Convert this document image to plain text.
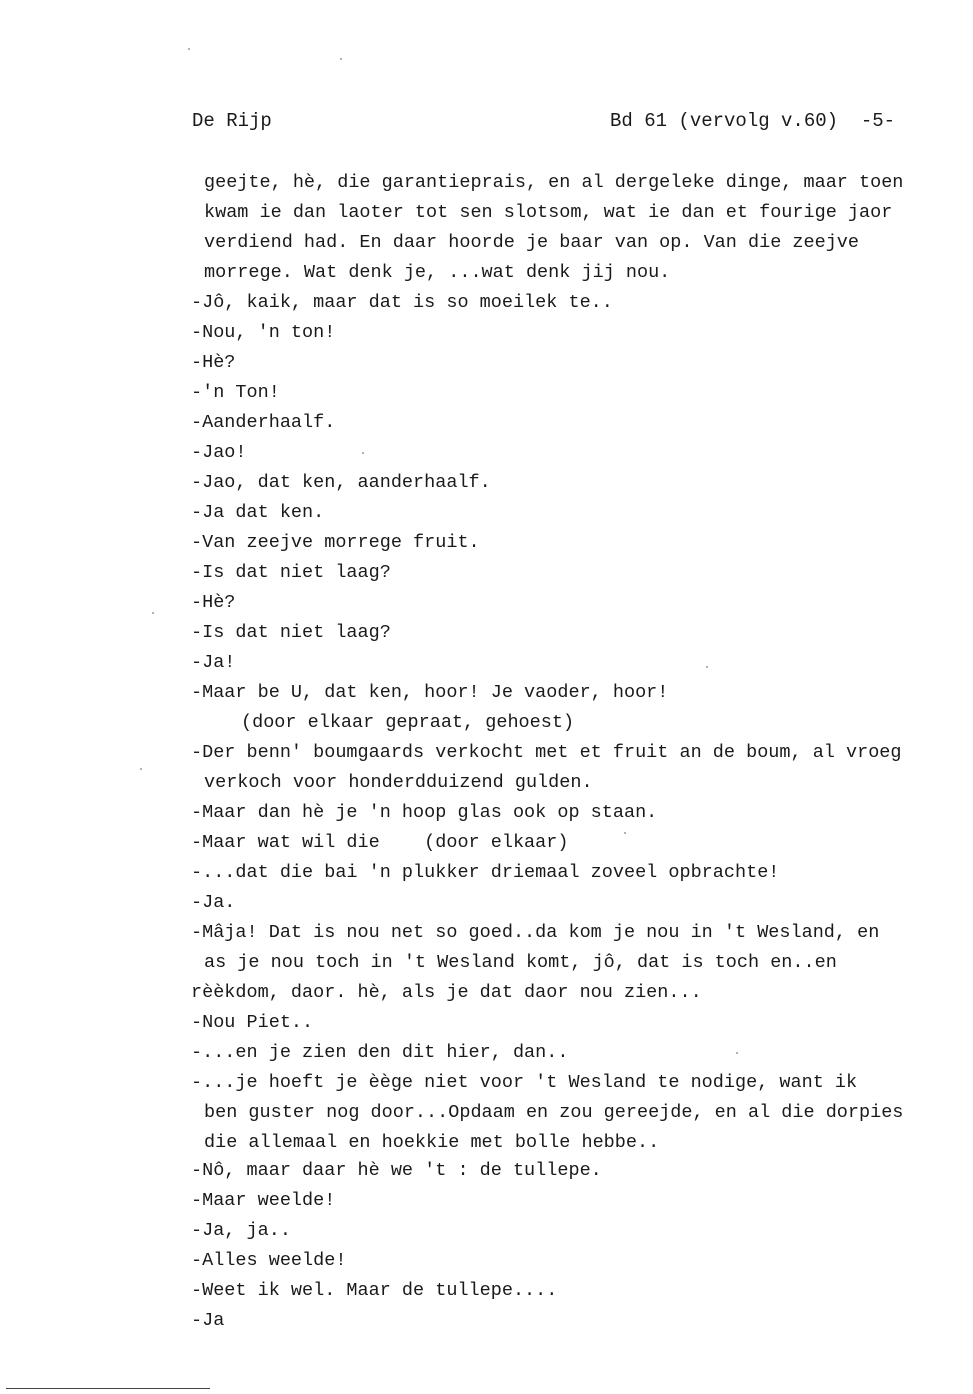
De Rijp	Bd 61 (vervolg v.60)  -5-
geejte, hè, die garantieprais, en al dergeleke dinge, maar toen
kwam ie dan laoter tot sen slotsom, wat ie dan et fourige jaor
verdiend had. En daar hoorde je baar van op. Van die zeejve
morrege. Wat denk je, ...wat denk jij nou.
-Jô, kaik, maar dat is so moeilek te..
-Nou, 'n ton!
-Hè?
-'n Ton!
-Aanderhaalf.
-Jao!
-Jao, dat ken, aanderhaalf.
-Ja dat ken.
-Van zeejve morrege fruit.
-Is dat niet laag?
-Hè?
-Is dat niet laag?
-Ja!
-Maar be U, dat ken, hoor! Je vaoder, hoor!
(door elkaar gepraat, gehoest)
-Der benn' boumgaards verkocht met et fruit an de boum, al vroeg
verkoch voor honderdduizend gulden.
-Maar dan hè je 'n hoop glas ook op staan.
-Maar wat wil die    (door elkaar)
-...dat die bai 'n plukker driemaal zoveel opbrachte!
-Ja.
-Mâja! Dat is nou net so goed..da kom je nou in 't Wesland, en
as je nou toch in 't Wesland komt, jô, dat is toch en..en
rèèkdom, daor. hè, als je dat daor nou zien...
-Nou Piet..
-...en je zien den dit hier, dan..
-...je hoeft je èège niet voor 't Wesland te nodige, want ik
ben guster nog door...Opdaam en zou gereejde, en al die dorpies
die allemaal en hoekkie met bolle hebbe..
-Nô, maar daar hè we 't : de tullepe.
-Maar weelde!
-Ja, ja..
-Alles weelde!
-Weet ik wel. Maar de tullepe....
-Ja
